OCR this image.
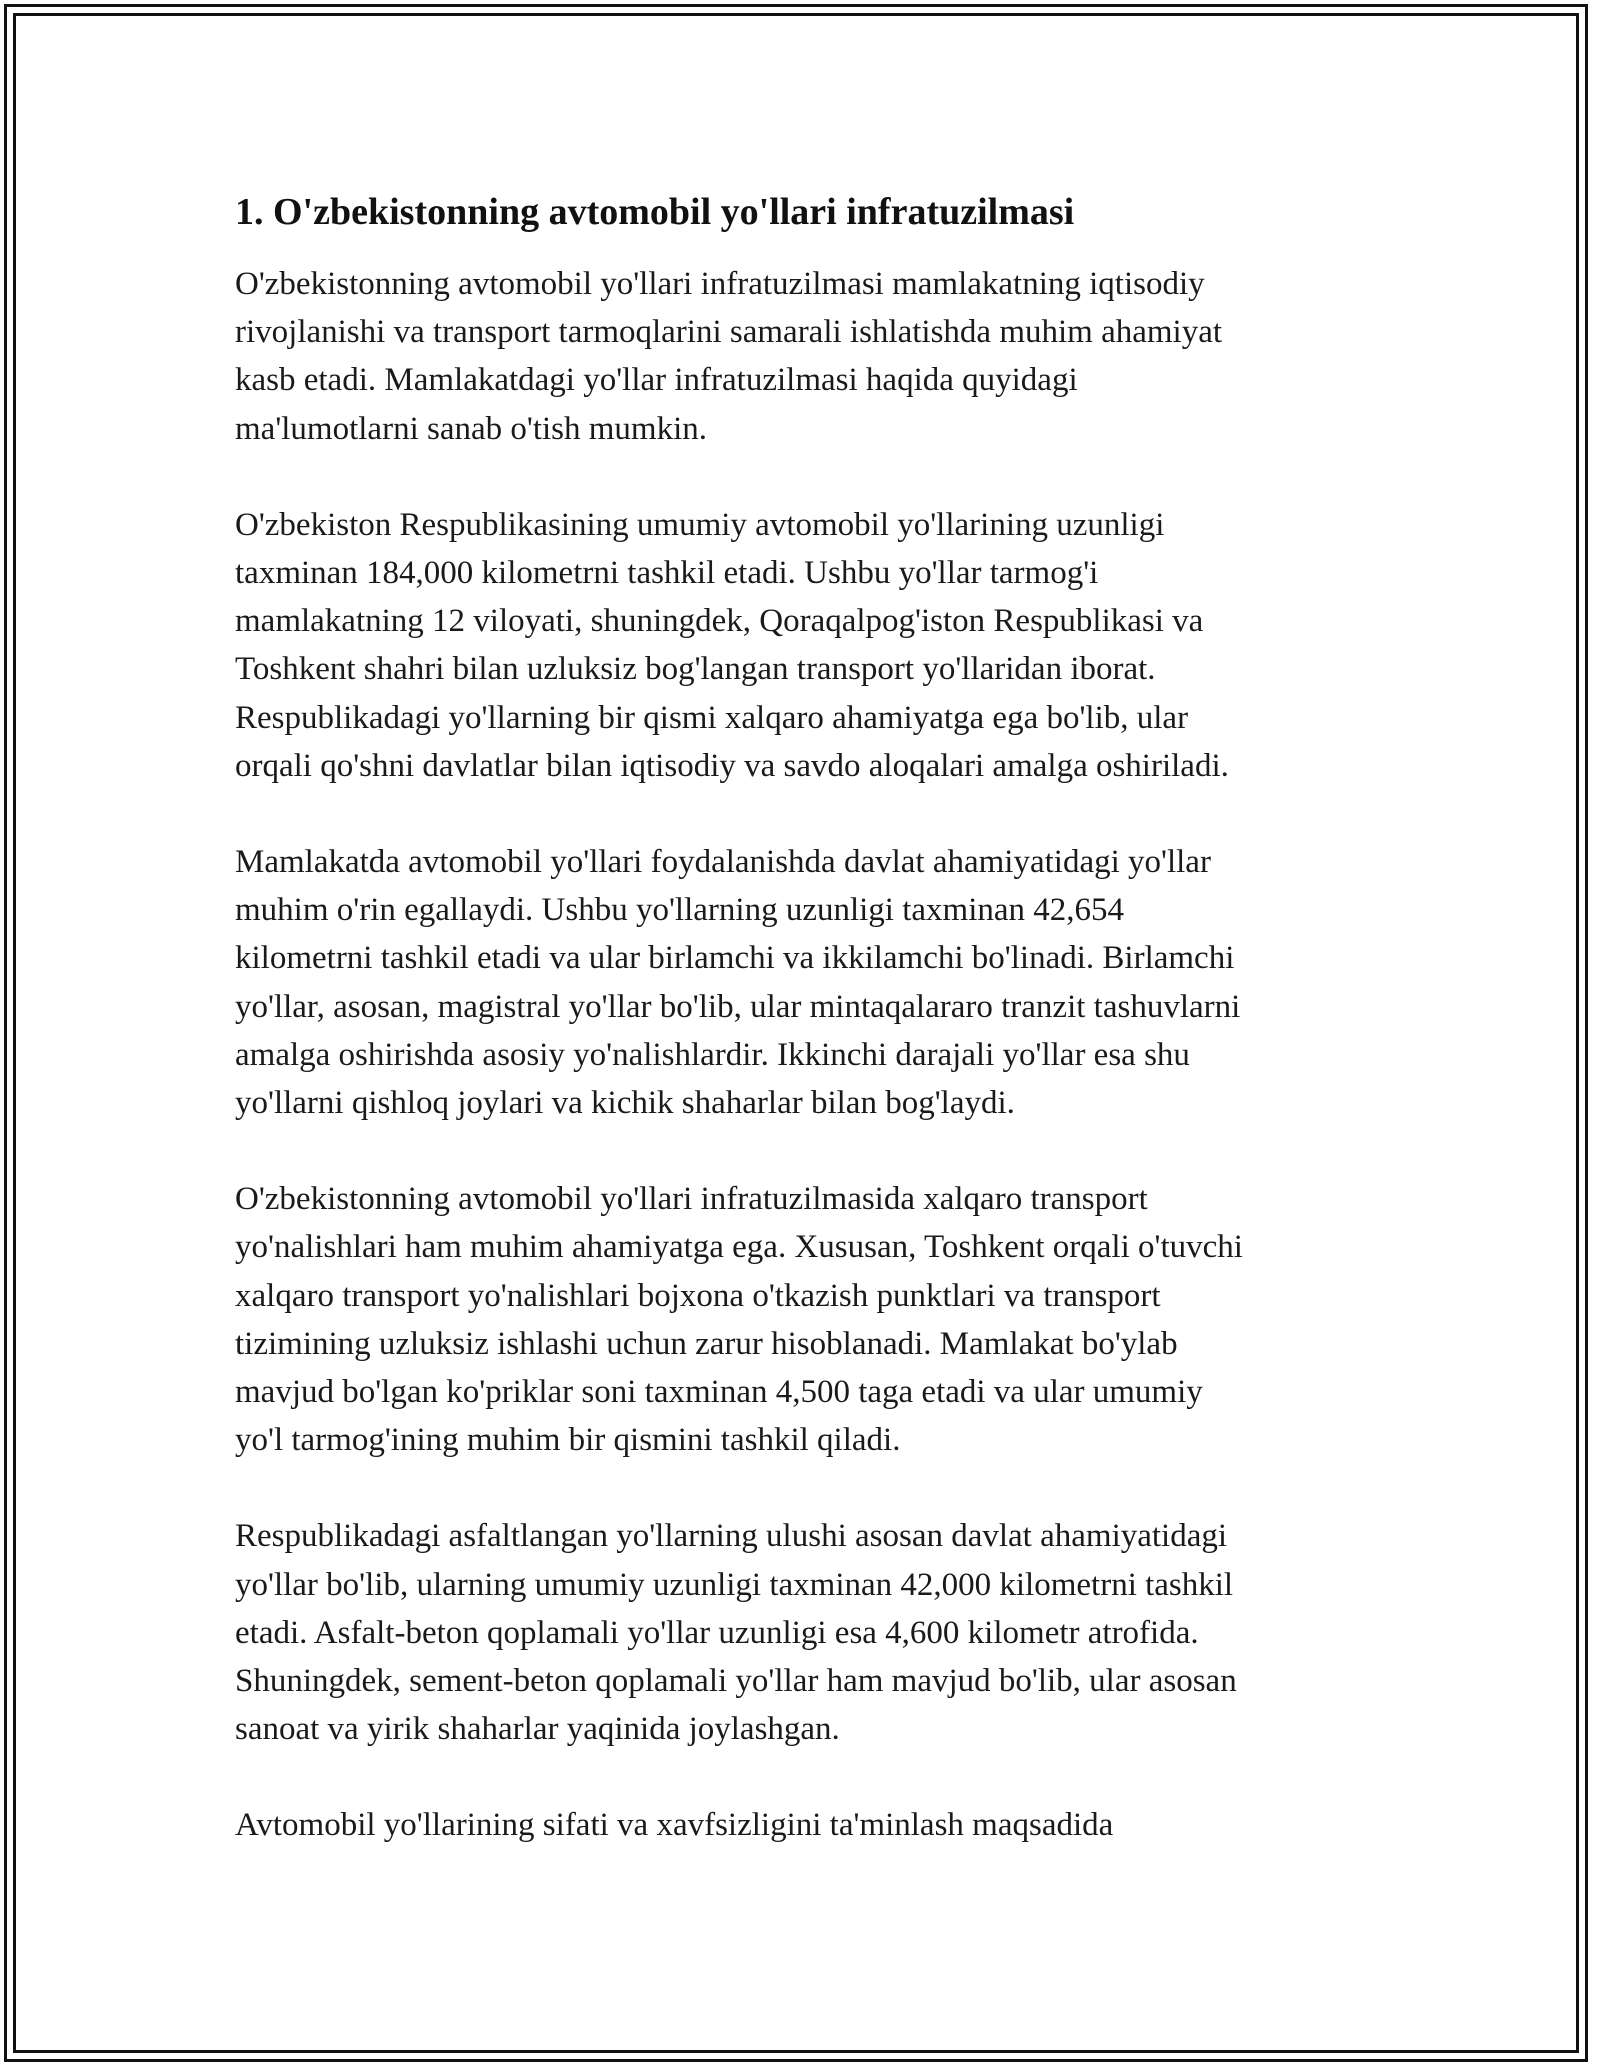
1. O'zbekistonning avtomobil yo'llari infratuzilmasi

O'zbekistonning avtomobil yo'llari infratuzilmasi mamlakatning iqtisodiy
rivojlanishi va transport tarmoqlarini samarali ishlatishda muhim ahamiyat
kasb etadi. Mamlakatdagi yo'llar infratuzilmasi haqida quyidagi
ma'lumotlarni sanab o'tish mumkin.

O'zbekiston Respublikasining umumiy avtomobil yo'llarining uzunligi
taxminan 184,000 kilometrni tashkil etadi. Ushbu yo'llar tarmog'i
mamlakatning 12 viloyati, shuningdek, Qoraqalpog'iston Respublikasi va
Toshkent shahri bilan uzluksiz bog'langan transport yo'llaridan iborat.
Respublikadagi yo'llarning bir qismi xalqaro ahamiyatga ega bo'lib, ular
orqali qo'shni davlatlar bilan iqtisodiy va savdo aloqalari amalga oshiriladi.

Mamlakatda avtomobil yo'llari foydalanishda davlat ahamiyatidagi yo'llar
muhim o'rin egallaydi. Ushbu yo'llarning uzunligi taxminan 42,654
kilometrni tashkil etadi va ular birlamchi va ikkilamchi bo'linadi. Birlamchi
yo'llar, asosan, magistral yo'llar bo'lib, ular mintaqalararo tranzit tashuvlarni
amalga oshirishda asosiy yo'nalishlardir. Ikkinchi darajali yo'llar esa shu
yo'llarni qishloq joylari va kichik shaharlar bilan bog'laydi.

O'zbekistonning avtomobil yo'llari infratuzilmasida xalqaro transport
yo'nalishlari ham muhim ahamiyatga ega. Xususan, Toshkent orqali o'tuvchi
xalqaro transport yo'nalishlari bojxona o'tkazish punktlari va transport
tizimining uzluksiz ishlashi uchun zarur hisoblanadi. Mamlakat bo'ylab
mavjud bo'lgan ko'priklar soni taxminan 4,500 taga etadi va ular umumiy
yo'l tarmog'ining muhim bir qismini tashkil qiladi.

Respublikadagi asfaltlangan yo'llarning ulushi asosan davlat ahamiyatidagi
yo'llar bo'lib, ularning umumiy uzunligi taxminan 42,000 kilometrni tashkil
etadi. Asfalt-beton qoplamali yo'llar uzunligi esa 4,600 kilometr atrofida.
Shuningdek, sement-beton qoplamali yo'llar ham mavjud bo'lib, ular asosan
sanoat va yirik shaharlar yaqinida joylashgan.

Avtomobil yo'llarining sifati va xavfsizligini ta'minlash maqsadida
